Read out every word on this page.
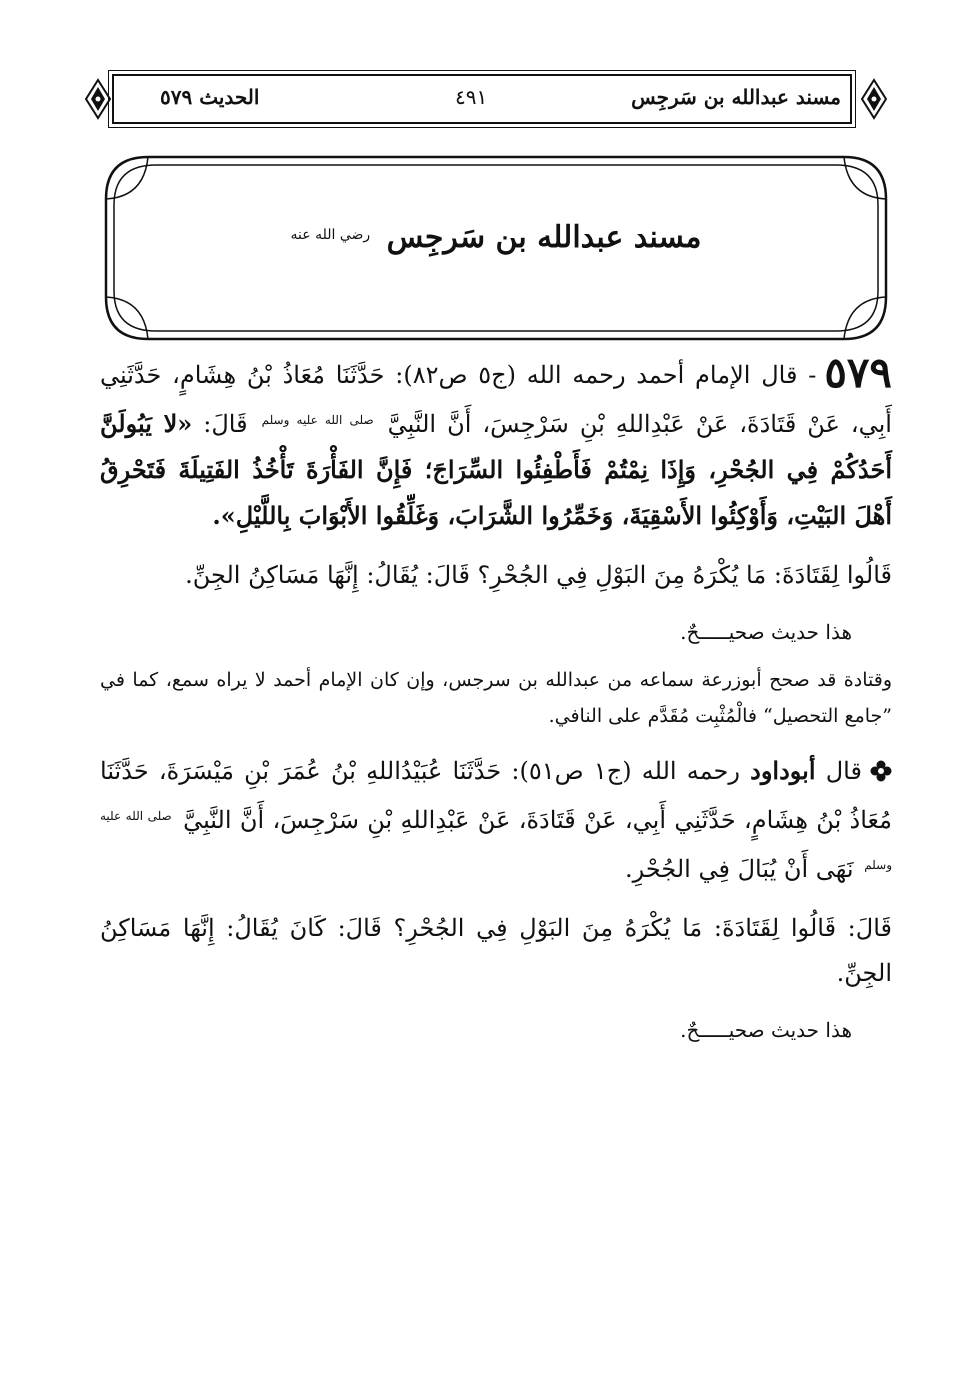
مسند عبدالله بن سَرجِس
٤٩١
الحديث ٥٧٩
مسند عبدالله بن سَرجِس $^{رضي الله عنه}$

٥٧٩- قال الإمام أحمد رحمه الله (ج٥ ص٨٢): حَدَّثَنَا مُعَاذُ بْنُ هِشَامٍ، حَدَّثَنِي أَبِي، عَنْ قَتَادَةَ، عَنْ عَبْدِاللهِ بْنِ سَرْجِسَ، أَنَّ النَّبِيَّ $^{صلى الله عليه وسلم}$ قَالَ: «لا يَبُولَنَّ أَحَدُكُمْ فِي الجُحْرِ، وَإِذَا نِمْتُمْ فَأَطْفِئُوا السِّرَاجَ؛ فَإِنَّ الفَأْرَةَ تَأْخُذُ الفَتِيلَةَ فَتَحْرِقُ أَهْلَ البَيْتِ، وَأَوْكِئُوا الأَسْقِيَةَ، وَخَمِّرُوا الشَّرَابَ، وَغَلِّقُوا الأَبْوَابَ بِاللَّيْلِ».

قَالُوا لِقَتَادَةَ: مَا يُكْرَهُ مِنَ البَوْلِ فِي الجُحْرِ؟ قَالَ: يُقَالُ: إِنَّهَا مَسَاكِنُ الجِنِّ.

هذا حديث صحيـــــحٌ.

وقتادة قد صحح أبوزرعة سماعه من عبدالله بن سرجس، وإن كان الإمام أحمد لا يراه سمع، كما في ”جامع التحصيل“ فالْمُثْبِت مُقَدَّم على النافي.

قال أبوداود رحمه الله (ج١ ص٥١): حَدَّثَنَا عُبَيْدُاللهِ بْنُ عُمَرَ بْنِ مَيْسَرَةَ، حَدَّثَنَا مُعَاذُ بْنُ هِشَامٍ، حَدَّثَنِي أَبِي، عَنْ قَتَادَةَ، عَنْ عَبْدِاللهِ بْنِ سَرْجِسَ، أَنَّ النَّبِيَّ $^{صلى الله عليه وسلم}$ نَهَى أَنْ يُبَالَ فِي الجُحْرِ.

قَالَ: قَالُوا لِقَتَادَةَ: مَا يُكْرَهُ مِنَ البَوْلِ فِي الجُحْرِ؟ قَالَ: كَانَ يُقَالُ: إِنَّهَا مَسَاكِنُ الجِنِّ.

هذا حديث صحيـــــحٌ.
